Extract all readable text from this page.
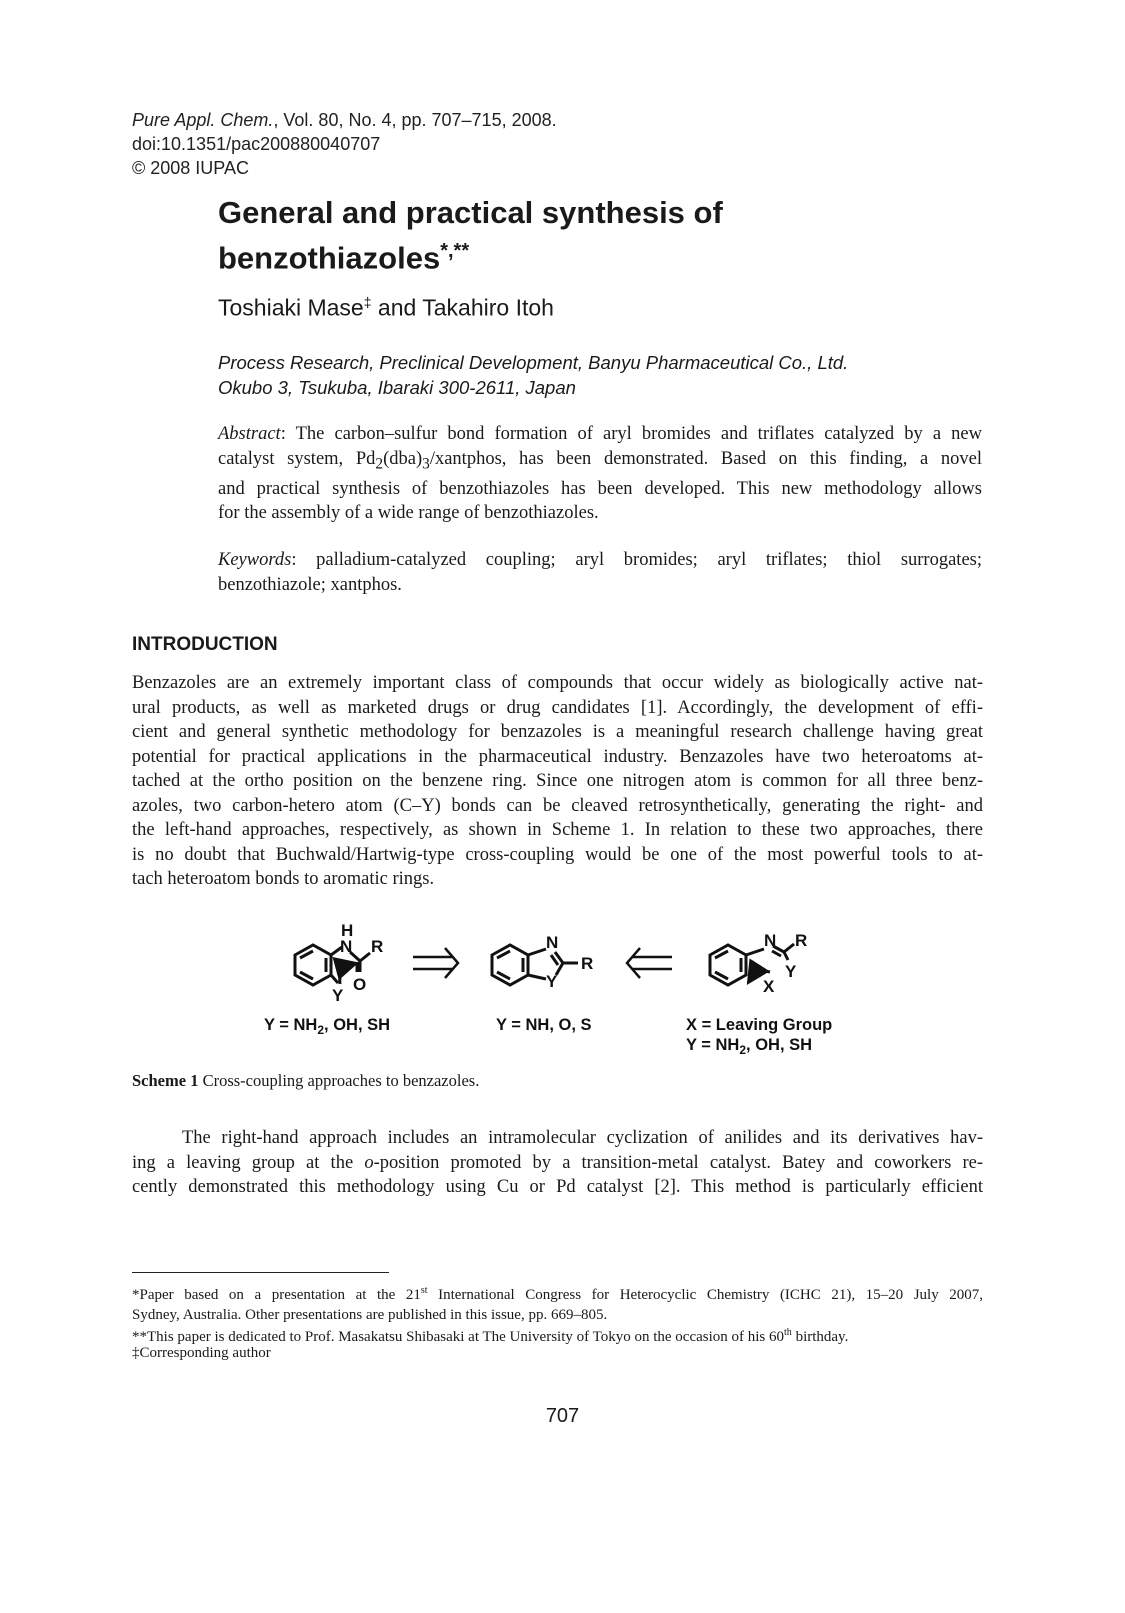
Pure Appl. Chem., Vol. 80, No. 4, pp. 707–715, 2008.
doi:10.1351/pac200880040707
© 2008 IUPAC
General and practical synthesis of
benzothiazoles*,**
Toshiaki Mase‡ and Takahiro Itoh
Process Research, Preclinical Development, Banyu Pharmaceutical Co., Ltd.
Okubo 3, Tsukuba, Ibaraki 300-2611, Japan
Abstract: The carbon–sulfur bond formation of aryl bromides and triflates catalyzed by a new
catalyst system, $Pd_2(dba)_3$/xantphos, has been demonstrated. Based on this finding, a novel
and practical synthesis of benzothiazoles has been developed. This new methodology allows
for the assembly of a wide range of benzothiazoles.
Keywords: palladium-catalyzed coupling; aryl bromides; aryl triflates; thiol surrogates;
benzothiazole; xantphos.
INTRODUCTION
Benzazoles are an extremely important class of compounds that occur widely as biologically active nat-
ural products, as well as marketed drugs or drug candidates [1]. Accordingly, the development of effi-
cient and general synthetic methodology for benzazoles is a meaningful research challenge having great
potential for practical applications in the pharmaceutical industry. Benzazoles have two heteroatoms at-
tached at the ortho position on the benzene ring. Since one nitrogen atom is common for all three benz-
azoles, two carbon-hetero atom (C–Y) bonds can be cleaved retrosynthetically, generating the right- and
the left-hand approaches, respectively, as shown in Scheme 1. In relation to these two approaches, there
is no doubt that Buchwald/Hartwig-type cross-coupling would be one of the most powerful tools to at-
tach heteroatom bonds to aromatic rings.
H
N R
O
Y
N
Y
R
N R
Y
X
$Y = NH_2$, OH, SH	Y = NH, O, S	X = Leaving Group
$Y = NH_2$, OH, SH
Scheme 1 Cross-coupling approaches to benzazoles.
The right-hand approach includes an intramolecular cyclization of anilides and its derivatives hav-
ing a leaving group at the o-position promoted by a transition-metal catalyst. Batey and coworkers re-
cently demonstrated this methodology using Cu or Pd catalyst [2]. This method is particularly efficient
*Paper based on a presentation at the 21st International Congress for Heterocyclic Chemistry (ICHC 21), 15–20 July 2007,
Sydney, Australia. Other presentations are published in this issue, pp. 669–805.
**This paper is dedicated to Prof. Masakatsu Shibasaki at The University of Tokyo on the occasion of his 60th birthday.
‡Corresponding author
707
